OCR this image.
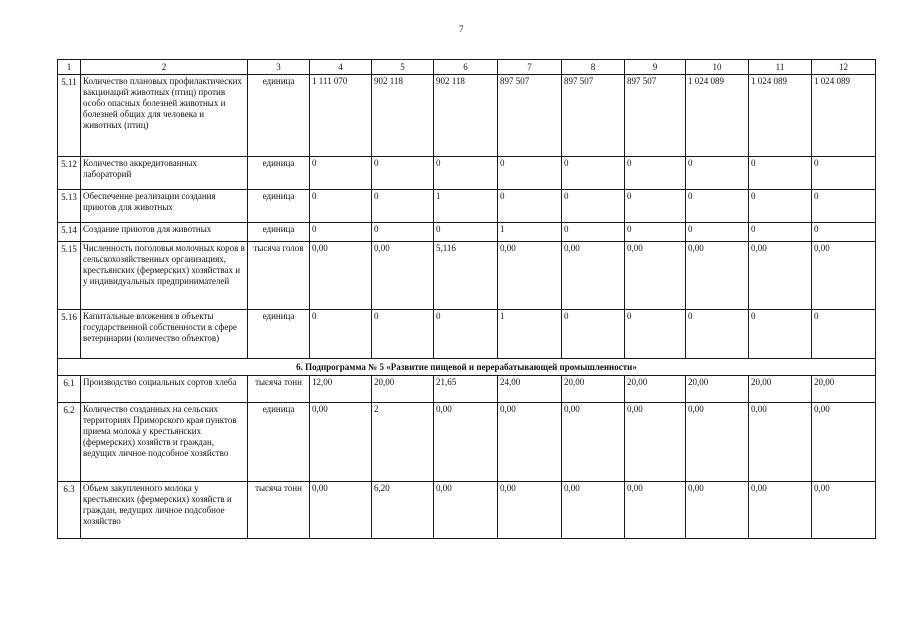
7
1	2	3	4	5	6	7	8	9	10	11	12
5.11	Количество плановых профилактических вакцинаций животных (птиц) против особо опасных болезней животных и болезней общих для человека и животных (птиц)	единица	1 111 070	902 118	902 118	897 507	897 507	897 507	1 024 089	1 024 089	1 024 089
5.12	Количество аккредитованных лабораторий	единица	0	0	0	0	0	0	0	0	0
5.13	Обеспечение реализации создания приютов для животных	единица	0	0	1	0	0	0	0	0	0
5.14	Создание приютов для животных	единица	0	0	0	1	0	0	0	0	0
5.15	Численность поголовья молочных коров в сельскохозяйственных организациях, крестьянских (фермерских) хозяйствах и у индивидуальных предпринимателей	тысяча голов	0,00	0,00	5,116	0,00	0,00	0,00	0,00	0,00	0,00
5.16	Капитальные вложения в объекты государственной собственности в сфере ветеринарии (количество объектов)	единица	0	0	0	1	0	0	0	0	0
6. Подпрограмма № 5 «Развитие пищевой и перерабатывающей промышленности»											
6.1	Производство социальных сортов хлеба	тысяча тонн	12,00	20,00	21,65	24,00	20,00	20,00	20,00	20,00	20,00
6.2	Количество созданных на сельских территориях Приморского края пунктов приема молока у крестьянских (фермерских) хозяйств и граждан, ведущих личное подсобное хозяйство	единица	0,00	2	0,00	0,00	0,00	0,00	0,00	0,00	0,00
6.3	Объем закупленного молока у крестьянских (фермерских) хозяйств и граждан, ведущих личное подсобное хозяйство	тысяча тонн	0,00	6,20	0,00	0,00	0,00	0,00	0,00	0,00	0,00
